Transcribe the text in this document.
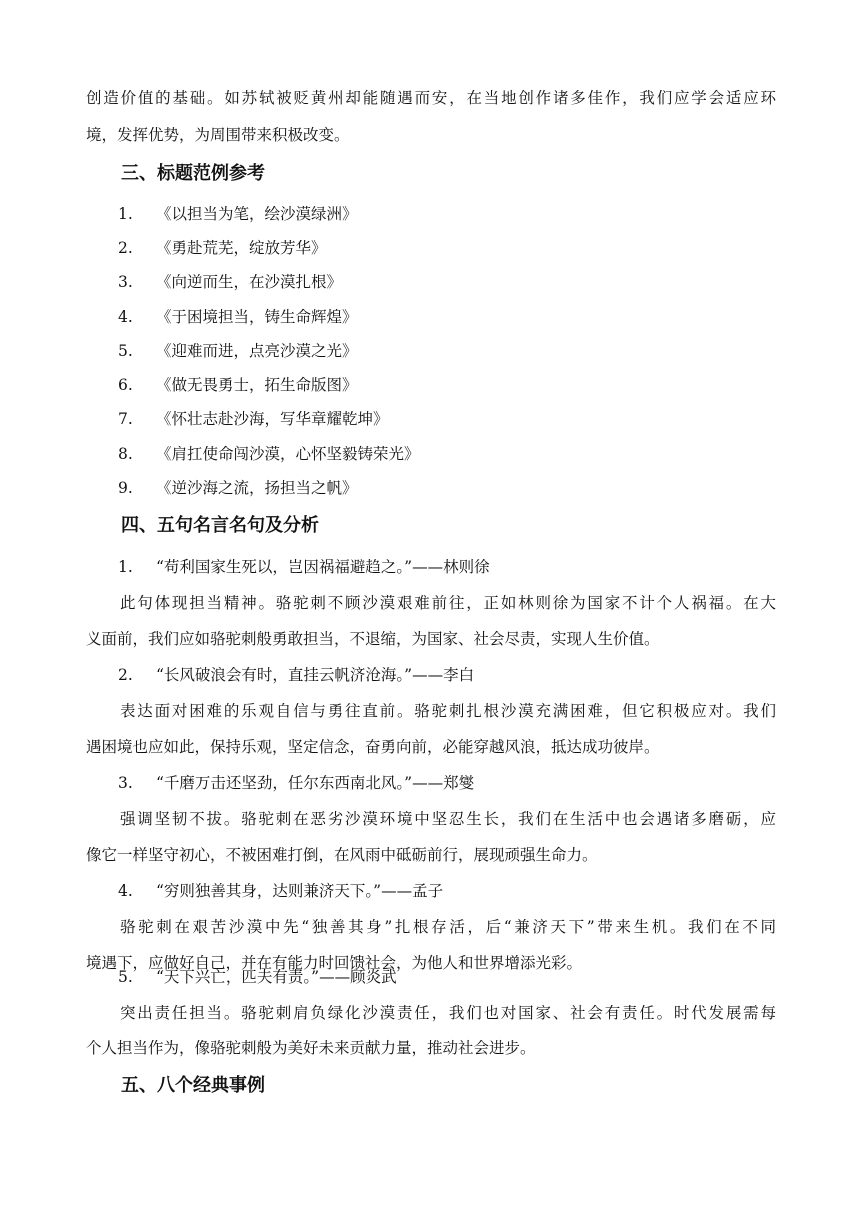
创造价值的基础。如苏轼被贬黄州却能随遇而安，在当地创作诸多佳作，我们应学会适应环
境，发挥优势，为周围带来积极改变。
三、标题范例参考
1. 《以担当为笔，绘沙漠绿洲》
2. 《勇赴荒芜，绽放芳华》
3. 《向逆而生，在沙漠扎根》
4. 《于困境担当，铸生命辉煌》
5. 《迎难而进，点亮沙漠之光》
6. 《做无畏勇士，拓生命版图》
7. 《怀壮志赴沙海，写华章耀乾坤》
8. 《肩扛使命闯沙漠，心怀坚毅铸荣光》
9. 《逆沙海之流，扬担当之帆》
四、五句名言名句及分析
1. “苟利国家生死以，岂因祸福避趋之。”——林则徐
此句体现担当精神。骆驼刺不顾沙漠艰难前往，正如林则徐为国家不计个人祸福。在大
义面前，我们应如骆驼刺般勇敢担当，不退缩，为国家、社会尽责，实现人生价值。
2. “长风破浪会有时，直挂云帆济沧海。”——李白
表达面对困难的乐观自信与勇往直前。骆驼刺扎根沙漠充满困难，但它积极应对。我们
遇困境也应如此，保持乐观，坚定信念，奋勇向前，必能穿越风浪，抵达成功彼岸。
3. “千磨万击还坚劲，任尔东西南北风。”——郑燮
强调坚韧不拔。骆驼刺在恶劣沙漠环境中坚忍生长，我们在生活中也会遇诸多磨砺，应
像它一样坚守初心，不被困难打倒，在风雨中砥砺前行，展现顽强生命力。
4. “穷则独善其身，达则兼济天下。”——孟子
骆驼刺在艰苦沙漠中先“独善其身”扎根存活，后“兼济天下”带来生机。我们在不同
境遇下，应做好自己，并在有能力时回馈社会，为他人和世界增添光彩。
5. “天下兴亡，匹夫有责。”——顾炎武
突出责任担当。骆驼刺肩负绿化沙漠责任，我们也对国家、社会有责任。时代发展需每
个人担当作为，像骆驼刺般为美好未来贡献力量，推动社会进步。
五、八个经典事例
